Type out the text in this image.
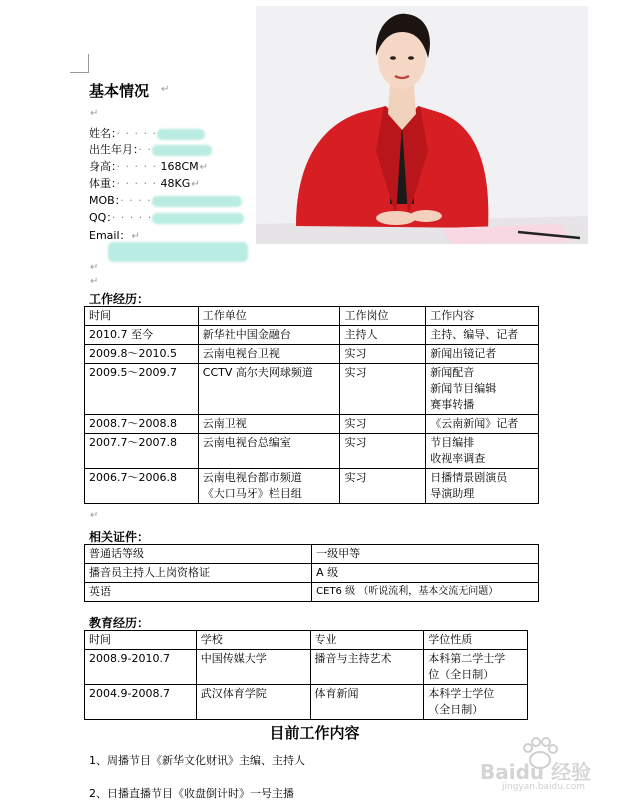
基本情况 ↵
↵
姓名：· · · · ·
出生年月：· ·
身高：· · · · · 168CM↵
体重：· · · · · 48KG↵
MOB：· · · ·
QQ：· · · · ·
Email：↵
↵
↵
工作经历：
时间	工作单位	工作岗位	工作内容
2010.7 至今	新华社中国金融台	主持人	主持、编导、记者
2009.8～2010.5	云南电视台卫视	实习	新闻出镜记者
2009.5～2009.7	CCTV 高尔夫网球频道	实习	新闻配音
新闻节目编辑
赛事转播
2008.7～2008.8	云南卫视	实习	《云南新闻》记者
2007.7～2007.8	云南电视台总编室	实习	节目编排
收视率调查
2006.7～2006.8	云南电视台都市频道
《大口马牙》栏目组	实习	日播情景剧演员
导演助理
↵
相关证件：
普通话等级	一级甲等
播音员主持人上岗资格证	A 级
英语	CET6 级 （听说流利，基本交流无问题）
教育经历：
时间	学校	专业	学位性质
2008.9-2010.7	中国传媒大学	播音与主持艺术	本科第二学士学
位（全日制）
2004.9-2008.7	武汉体育学院	体育新闻	本科学士学位
（全日制）
目前工作内容
1、周播节目《新华文化财讯》主编、主持人
2、日播直播节目《收盘倒计时》一号主播
Baidu 经验
jingyan.baidu.com
